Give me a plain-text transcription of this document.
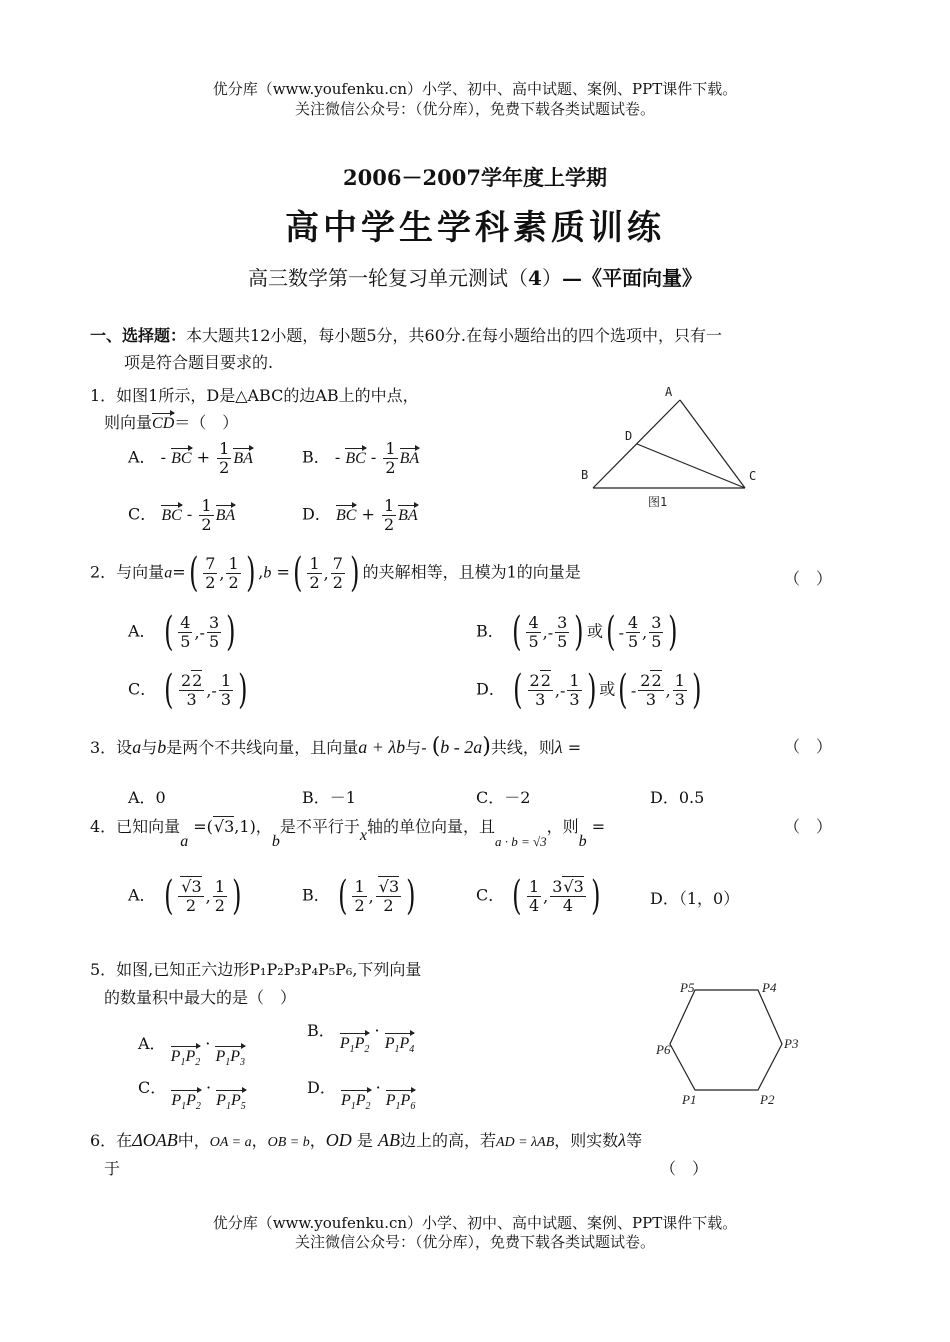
优分库（www.youfenku.cn）小学、初中、高中试题、案例、PPT课件下载。
关注微信公众号：（优分库），免费下载各类试题试卷。
2006－2007学年度上学期
高中学生学科素质训练
高三数学第一轮复习单元测试（4）—《平面向量》
一、选择题：本大题共12小题，每小题5分，共60分.在每小题给出的四个选项中，只有一
项是符合题目要求的.
1．如图1所示，D是△ABC的边AB上的中点，
则向量CD＝（　）
A． - BC + $\frac{1}{2}$ BA	B． - BC - $\frac{1}{2}$ BA
C． BC - $\frac{1}{2}$ BA	D． BC + $\frac{1}{2}$ BA
A
D
B	C
图1
2．与向量a= ( $\frac{7}{2}$ , $\frac{1}{2}$ ) ,b = ( $\frac{1}{2}$ , $\frac{7}{2}$ ) 的夹解相等，且模为1的向量是	（　）
A． ( $\frac{4}{5}$ ,- $\frac{3}{5}$ )	B． ( $\frac{4}{5}$ ,- $\frac{3}{5}$ ) 或 ( - $\frac{4}{5}$ , $\frac{3}{5}$ )
C． ( $\frac{22}{3}$ ,- $\frac{1}{3}$ )	D． ( $\frac{22}{3}$ ,- $\frac{1}{3}$ ) 或 ( - $\frac{22}{3}$ , $\frac{1}{3}$ )
3．设a与b是两个不共线向量，且向量a + λb与- (b - 2a)共线，则λ =	（　）
A．0	B．－1	C．－2	D．0.5
4．已知向量a =(√3,1)，b是不平行于x轴的单位向量，且$_{a \cdot b = √3}$，则b =	（　）
A． ( $\frac{√3}{2}$ , $\frac{1}{2}$ )	B． ( $\frac{1}{2}$ , $\frac{√3}{2}$ )	C． ( $\frac{1}{4}$ , $\frac{3√3}{4}$ )	D．（1，0）
5．如图,已知正六边形P₁P₂P₃P₄P₅P₆,下列向量
的数量积中最大的是（　）
A． $P_1P_2 \cdot P_1P_3$
B． $P_1P_2 \cdot P_1P_4$
C． $P_1P_2 \cdot P_1P_5$
D． $P_1P_2 \cdot P_1P_6$	P1	P2
P3
P4
P5
P6
6．在ΔOAB中，OA = a，OB = b，OD 是 AB边上的高，若AD = λAB，则实数λ等
于	（　）
优分库（www.youfenku.cn）小学、初中、高中试题、案例、PPT课件下载。
关注微信公众号：（优分库），免费下载各类试题试卷。
